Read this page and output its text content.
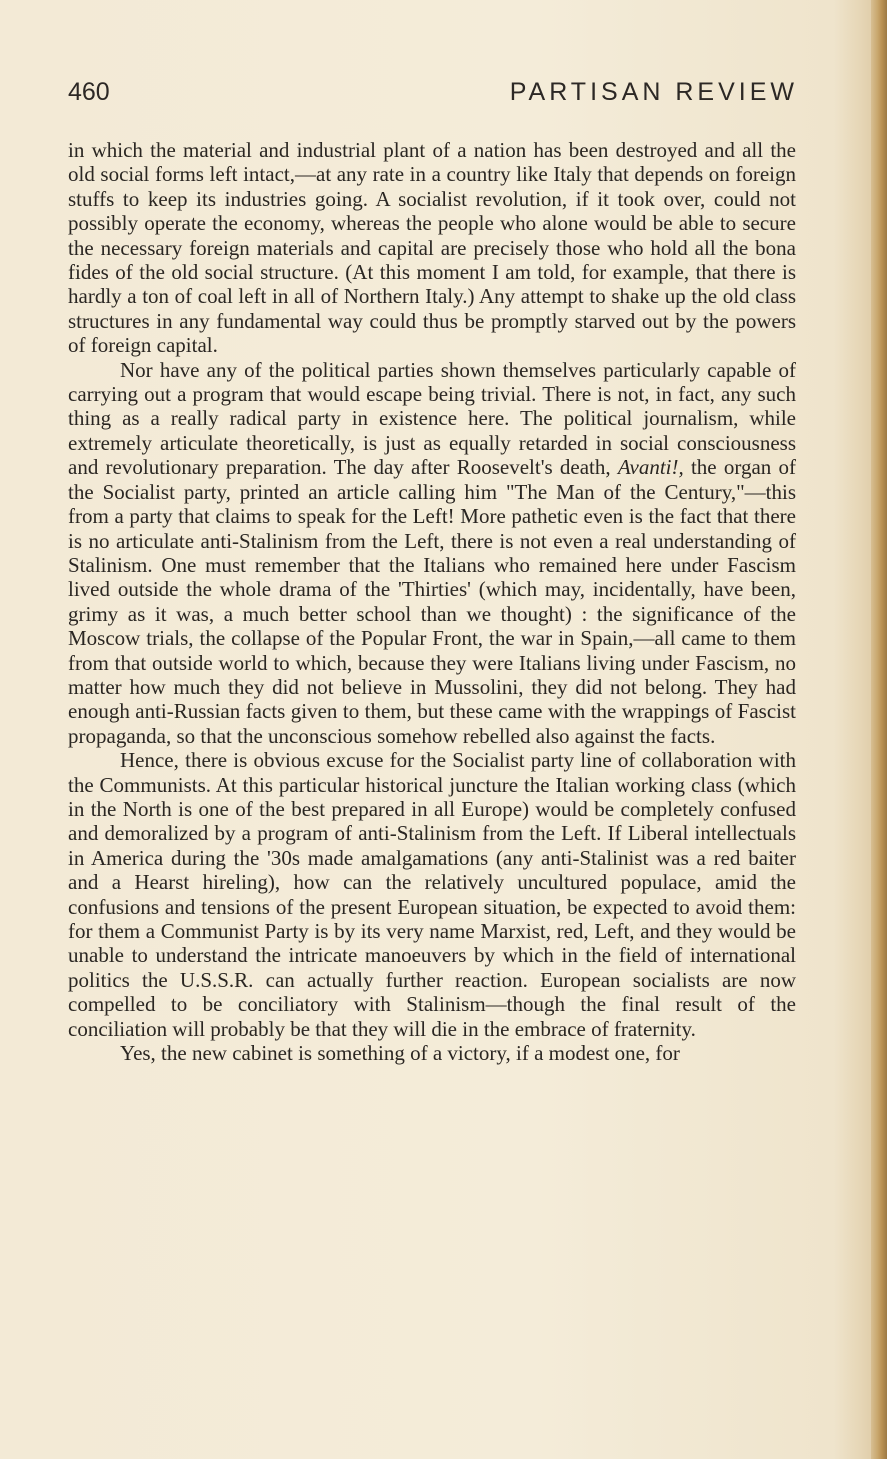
460	PARTISAN REVIEW

in which the material and industrial plant of a nation has been destroyed and all the old social forms left intact,—at any rate in a country like Italy that depends on foreign stuffs to keep its industries going. A socialist revolution, if it took over, could not possibly operate the economy, whereas the people who alone would be able to secure the necessary foreign materials and capital are precisely those who hold all the bona fides of the old social structure. (At this moment I am told, for example, that there is hardly a ton of coal left in all of Northern Italy.) Any attempt to shake up the old class structures in any fundamental way could thus be promptly starved out by the powers of foreign capital.

Nor have any of the political parties shown themselves particularly capable of carrying out a program that would escape being trivial. There is not, in fact, any such thing as a really radical party in existence here. The political journalism, while extremely articulate theoretically, is just as equally retarded in social consciousness and revolutionary preparation. The day after Roosevelt's death, Avanti!, the organ of the Socialist party, printed an article calling him "The Man of the Century,"—this from a party that claims to speak for the Left! More pathetic even is the fact that there is no articulate anti-Stalinism from the Left, there is not even a real understanding of Stalinism. One must remember that the Italians who remained here under Fascism lived outside the whole drama of the 'Thirties' (which may, incidentally, have been, grimy as it was, a much better school than we thought) : the significance of the Moscow trials, the collapse of the Popular Front, the war in Spain,—all came to them from that outside world to which, because they were Italians living under Fascism, no matter how much they did not believe in Mussolini, they did not belong. They had enough anti-Russian facts given to them, but these came with the wrappings of Fascist propaganda, so that the unconscious somehow rebelled also against the facts.

Hence, there is obvious excuse for the Socialist party line of collaboration with the Communists. At this particular historical juncture the Italian working class (which in the North is one of the best prepared in all Europe) would be completely confused and demoralized by a program of anti-Stalinism from the Left. If Liberal intellectuals in America during the '30s made amalgamations (any anti-Stalinist was a red baiter and a Hearst hireling), how can the relatively uncultured populace, amid the confusions and tensions of the present European situation, be expected to avoid them: for them a Communist Party is by its very name Marxist, red, Left, and they would be unable to understand the intricate manoeuvers by which in the field of international politics the U.S.S.R. can actually further reaction. European socialists are now compelled to be conciliatory with Stalinism—though the final result of the conciliation will probably be that they will die in the embrace of fraternity.

Yes, the new cabinet is something of a victory, if a modest one, for
